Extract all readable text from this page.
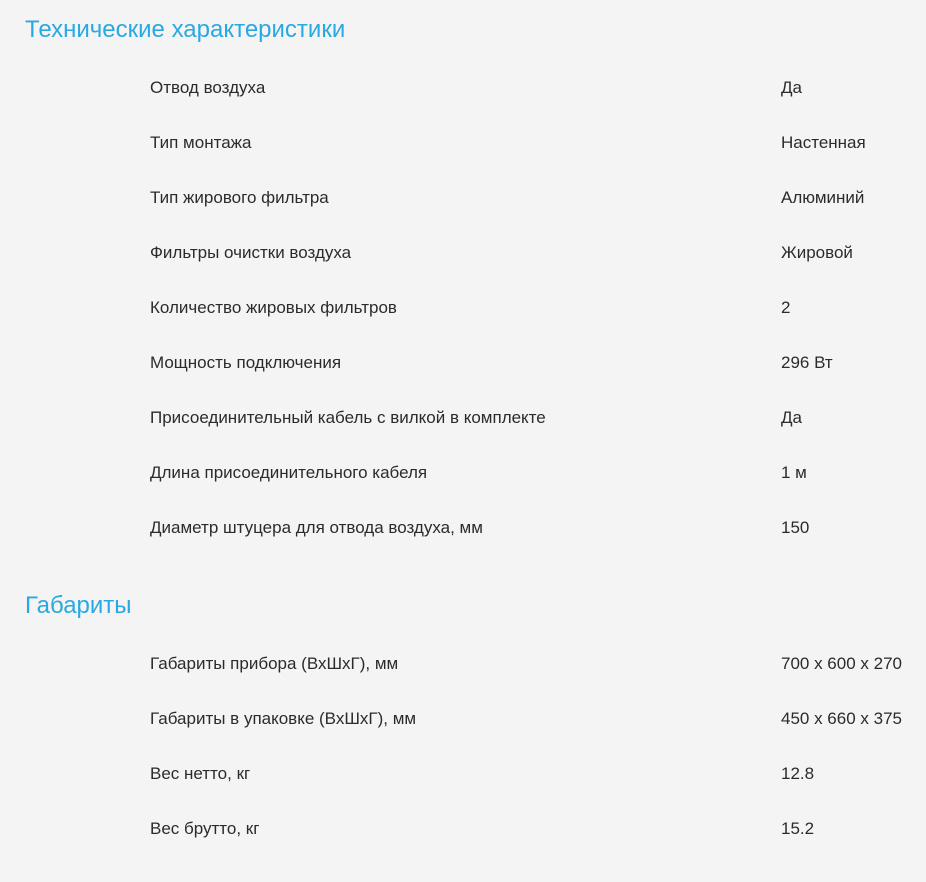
Технические характеристики
Отвод воздуха	Да
Тип монтажа	Настенная
Тип жирового фильтра	Алюминий
Фильтры очистки воздуха	Жировой
Количество жировых фильтров	2
Мощность подключения	296 Вт
Присоединительный кабель с вилкой в комплекте	Да
Длина присоединительного кабеля	1 м
Диаметр штуцера для отвода воздуха, мм	150
Габариты
Габариты прибора (ВхШхГ), мм	700 x 600 x 270
Габариты в упаковке (ВхШхГ), мм	450 x 660 x 375
Вес нетто, кг	12.8
Вес брутто, кг	15.2
